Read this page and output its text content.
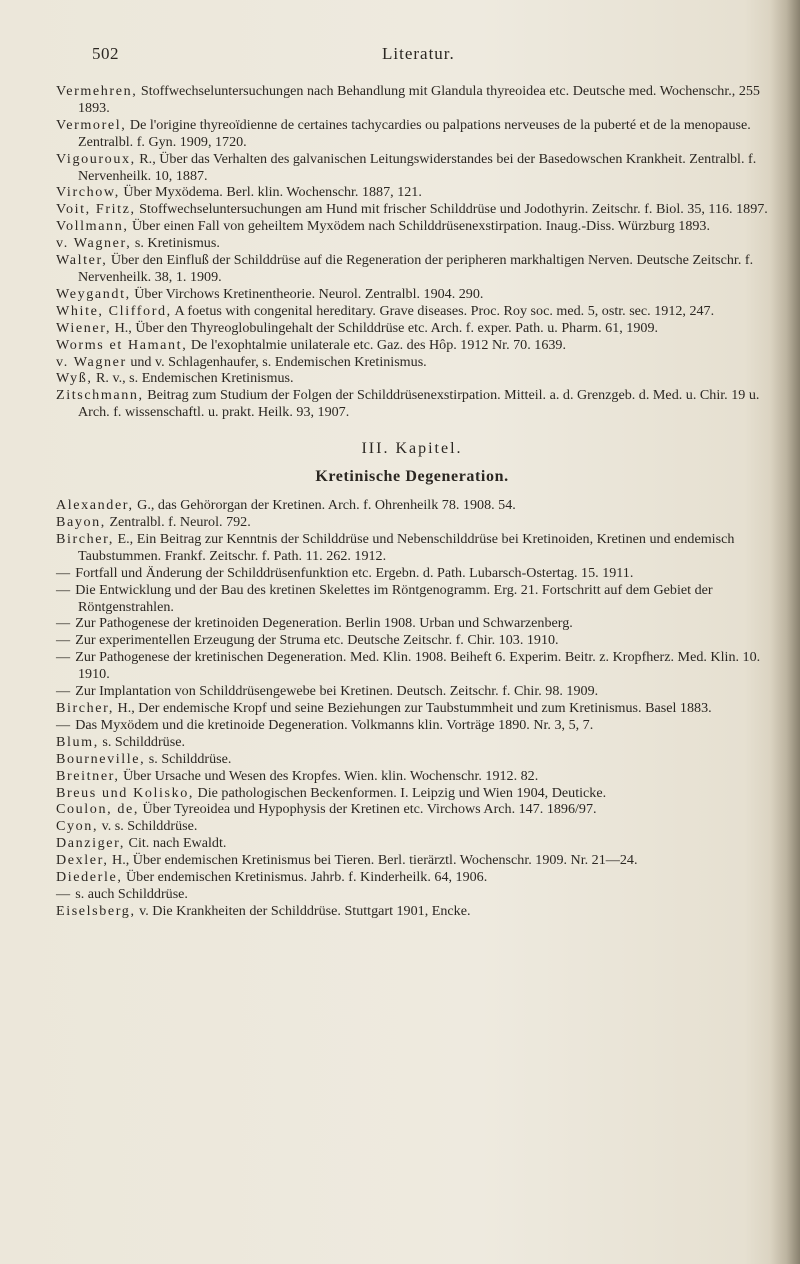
502	Literatur.

Vermehren, Stoffwechseluntersuchungen nach Behandlung mit Glandula thyreoidea etc. Deutsche med. Wochenschr., 255 1893.

Vermorel, De l'origine thyreoïdienne de certaines tachycardies ou palpations nerveuses de la puberté et de la menopause. Zentralbl. f. Gyn. 1909, 1720.

Vigouroux, R., Über das Verhalten des galvanischen Leitungswiderstandes bei der Basedowschen Krankheit. Zentralbl. f. Nervenheilk. 10, 1887.

Virchow, Über Myxödema. Berl. klin. Wochenschr. 1887, 121.

Voit, Fritz, Stoffwechseluntersuchungen am Hund mit frischer Schilddrüse und Jodothyrin. Zeitschr. f. Biol. 35, 116. 1897.

Vollmann, Über einen Fall von geheiltem Myxödem nach Schilddrüsenexstirpation. Inaug.-Diss. Würzburg 1893.

v. Wagner, s. Kretinismus.

Walter, Über den Einfluß der Schilddrüse auf die Regeneration der peripheren markhaltigen Nerven. Deutsche Zeitschr. f. Nervenheilk. 38, 1. 1909.

Weygandt, Über Virchows Kretinentheorie. Neurol. Zentralbl. 1904. 290.

White, Clifford, A foetus with congenital hereditary. Grave diseases. Proc. Roy soc. med. 5, ostr. sec. 1912, 247.

Wiener, H., Über den Thyreoglobulingehalt der Schilddrüse etc. Arch. f. exper. Path. u. Pharm. 61, 1909.

Worms et Hamant, De l'exophtalmie unilaterale etc. Gaz. des Hôp. 1912 Nr. 70. 1639.

v. Wagner und v. Schlagenhaufer, s. Endemischen Kretinismus.

Wyß, R. v., s. Endemischen Kretinismus.

Zitschmann, Beitrag zum Studium der Folgen der Schilddrüsenexstirpation. Mitteil. a. d. Grenzgeb. d. Med. u. Chir. 19 u. Arch. f. wissenschaftl. u. prakt. Heilk. 93, 1907.

III. Kapitel.
Kretinische Degeneration.

Alexander, G., das Gehörorgan der Kretinen. Arch. f. Ohrenheilk 78. 1908. 54.

Bayon, Zentralbl. f. Neurol. 792.

Bircher, E., Ein Beitrag zur Kenntnis der Schilddrüse und Nebenschilddrüse bei Kretinoiden, Kretinen und endemisch Taubstummen. Frankf. Zeitschr. f. Path. 11. 262. 1912.

— Fortfall und Änderung der Schilddrüsenfunktion etc. Ergebn. d. Path. Lubarsch-Ostertag. 15. 1911.

— Die Entwicklung und der Bau des kretinen Skelettes im Röntgenogramm. Erg. 21. Fortschritt auf dem Gebiet der Röntgenstrahlen.

— Zur Pathogenese der kretinoiden Degeneration. Berlin 1908. Urban und Schwarzenberg.

— Zur experimentellen Erzeugung der Struma etc. Deutsche Zeitschr. f. Chir. 103. 1910.

— Zur Pathogenese der kretinischen Degeneration. Med. Klin. 1908. Beiheft 6. Experim. Beitr. z. Kropfherz. Med. Klin. 10. 1910.

— Zur Implantation von Schilddrüsengewebe bei Kretinen. Deutsch. Zeitschr. f. Chir. 98. 1909.

Bircher, H., Der endemische Kropf und seine Beziehungen zur Taubstummheit und zum Kretinismus. Basel 1883.

— Das Myxödem und die kretinoide Degeneration. Volkmanns klin. Vorträge 1890. Nr. 3, 5, 7.

Blum, s. Schilddrüse.

Bourneville, s. Schilddrüse.

Breitner, Über Ursache und Wesen des Kropfes. Wien. klin. Wochenschr. 1912. 82.

Breus und Kolisko, Die pathologischen Beckenformen. I. Leipzig und Wien 1904, Deuticke.

Coulon, de, Über Tyreoidea und Hypophysis der Kretinen etc. Virchows Arch. 147. 1896/97.

Cyon, v. s. Schilddrüse.

Danziger, Cit. nach Ewaldt.

Dexler, H., Über endemischen Kretinismus bei Tieren. Berl. tierärztl. Wochenschr. 1909. Nr. 21—24.

Diederle, Über endemischen Kretinismus. Jahrb. f. Kinderheilk. 64, 1906.

— s. auch Schilddrüse.

Eiselsberg, v. Die Krankheiten der Schilddrüse. Stuttgart 1901, Encke.
